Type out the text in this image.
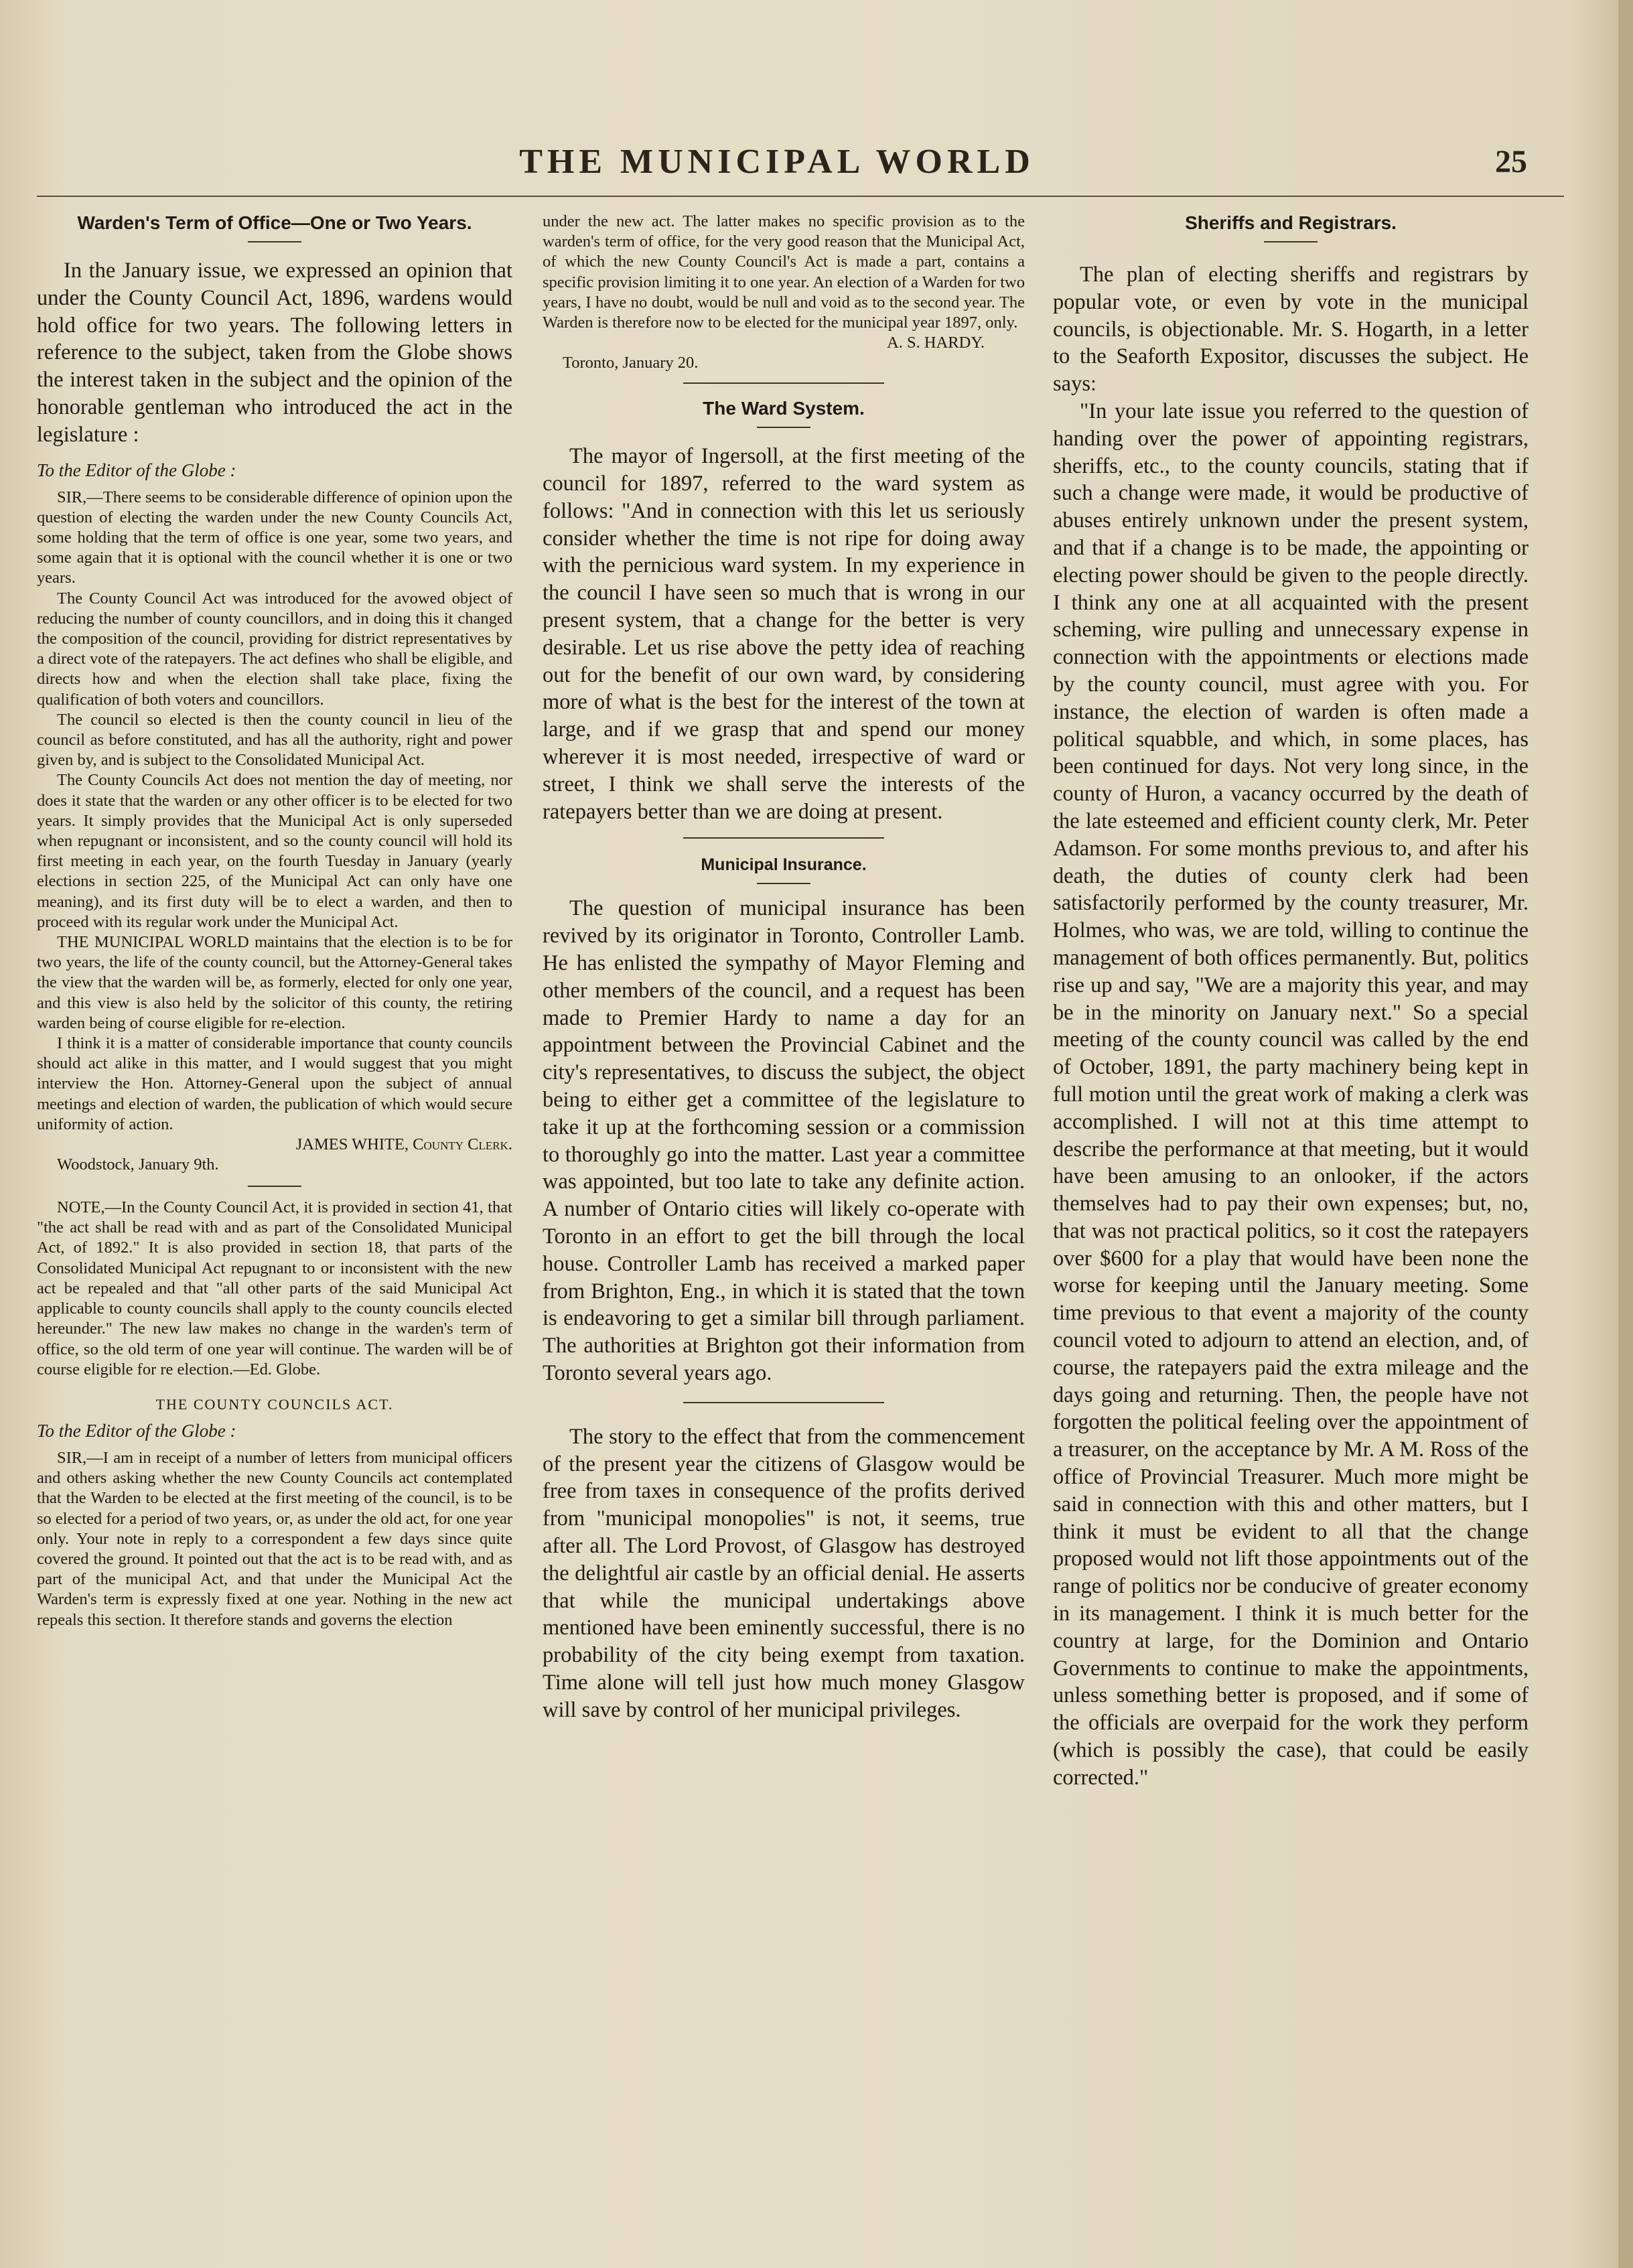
THE MUNICIPAL WORLD	25
Warden's Term of Office—One or Two Years.

In the January issue, we expressed an opinion that under the County Council Act, 1896, wardens would hold office for two years. The following letters in reference to the subject, taken from the Globe shows the interest taken in the subject and the opinion of the honorable gentleman who introduced the act in the legislature :

To the Editor of the Globe :

SIR,—There seems to be considerable difference of opinion upon the question of electing the warden under the new County Councils Act, some holding that the term of office is one year, some two years, and some again that it is optional with the council whether it is one or two years.

The County Council Act was introduced for the avowed object of reducing the number of county councillors, and in doing this it changed the composition of the council, providing for district representatives by a direct vote of the ratepayers. The act defines who shall be eligible, and directs how and when the election shall take place, fixing the qualification of both voters and councillors.

The council so elected is then the county council in lieu of the council as before constituted, and has all the authority, right and power given by, and is subject to the Consolidated Municipal Act.

The County Councils Act does not mention the day of meeting, nor does it state that the warden or any other officer is to be elected for two years. It simply provides that the Municipal Act is only superseded when repugnant or inconsistent, and so the county council will hold its first meeting in each year, on the fourth Tuesday in January (yearly elections in section 225, of the Municipal Act can only have one meaning), and its first duty will be to elect a warden, and then to proceed with its regular work under the Municipal Act.

THE MUNICIPAL WORLD maintains that the election is to be for two years, the life of the county council, but the Attorney-General takes the view that the warden will be, as formerly, elected for only one year, and this view is also held by the solicitor of this county, the retiring warden being of course eligible for re-election.

I think it is a matter of considerable importance that county councils should act alike in this matter, and I would suggest that you might interview the Hon. Attorney-General upon the subject of annual meetings and election of warden, the publication of which would secure uniformity of action.

JAMES WHITE, County Clerk.
Woodstock, January 9th.

NOTE,—In the County Council Act, it is provided in section 41, that "the act shall be read with and as part of the Consolidated Municipal Act, of 1892." It is also provided in section 18, that parts of the Consolidated Municipal Act repugnant to or inconsistent with the new act be repealed and that "all other parts of the said Municipal Act applicable to county councils shall apply to the county councils elected hereunder." The new law makes no change in the warden's term of office, so the old term of one year will continue. The warden will be of course eligible for re election.—Ed. Globe.

THE COUNTY COUNCILS ACT.
To the Editor of the Globe :

SIR,—I am in receipt of a number of letters from municipal officers and others asking whether the new County Councils act contemplated that the Warden to be elected at the first meeting of the council, is to be so elected for a period of two years, or, as under the old act, for one year only. Your note in reply to a correspondent a few days since quite covered the ground. It pointed out that the act is to be read with, and as part of the municipal Act, and that under the Municipal Act the Warden's term is expressly fixed at one year. Nothing in the new act repeals this section. It therefore stands and governs the election

under the new act. The latter makes no specific provision as to the warden's term of office, for the very good reason that the Municipal Act, of which the new County Council's Act is made a part, contains a specific provision limiting it to one year. An election of a Warden for two years, I have no doubt, would be null and void as to the second year. The Warden is therefore now to be elected for the municipal year 1897, only.

A. S. HARDY.
Toronto, January 20.
The Ward System.

The mayor of Ingersoll, at the first meeting of the council for 1897, referred to the ward system as follows: "And in connection with this let us seriously consider whether the time is not ripe for doing away with the pernicious ward system. In my experience in the council I have seen so much that is wrong in our present system, that a change for the better is very desirable. Let us rise above the petty idea of reaching out for the benefit of our own ward, by considering more of what is the best for the interest of the town at large, and if we grasp that and spend our money wherever it is most needed, irrespective of ward or street, I think we shall serve the interests of the ratepayers better than we are doing at present.

Municipal Insurance.

The question of municipal insurance has been revived by its originator in Toronto, Controller Lamb. He has enlisted the sympathy of Mayor Fleming and other members of the council, and a request has been made to Premier Hardy to name a day for an appointment between the Provincial Cabinet and the city's representatives, to discuss the subject, the object being to either get a committee of the legislature to take it up at the forthcoming session or a commission to thoroughly go into the matter. Last year a committee was appointed, but too late to take any definite action. A number of Ontario cities will likely co-operate with Toronto in an effort to get the bill through the local house. Controller Lamb has received a marked paper from Brighton, Eng., in which it is stated that the town is endeavoring to get a similar bill through parliament. The authorities at Brighton got their information from Toronto several years ago.

The story to the effect that from the commencement of the present year the citizens of Glasgow would be free from taxes in consequence of the profits derived from "municipal monopolies" is not, it seems, true after all. The Lord Provost, of Glasgow has destroyed the delightful air castle by an official denial. He asserts that while the municipal undertakings above mentioned have been eminently successful, there is no probability of the city being exempt from taxation. Time alone will tell just how much money Glasgow will save by control of her municipal privileges.

Sheriffs and Registrars.

The plan of electing sheriffs and registrars by popular vote, or even by vote in the municipal councils, is objectionable. Mr. S. Hogarth, in a letter to the Seaforth Expositor, discusses the subject. He says:

"In your late issue you referred to the question of handing over the power of appointing registrars, sheriffs, etc., to the county councils, stating that if such a change were made, it would be productive of abuses entirely unknown under the present system, and that if a change is to be made, the appointing or electing power should be given to the people directly. I think any one at all acquainted with the present scheming, wire pulling and unnecessary expense in connection with the appointments or elections made by the county council, must agree with you. For instance, the election of warden is often made a political squabble, and which, in some places, has been continued for days. Not very long since, in the county of Huron, a vacancy occurred by the death of the late esteemed and efficient county clerk, Mr. Peter Adamson. For some months previous to, and after his death, the duties of county clerk had been satisfactorily performed by the county treasurer, Mr. Holmes, who was, we are told, willing to continue the management of both offices permanently. But, politics rise up and say, "We are a majority this year, and may be in the minority on January next." So a special meeting of the county council was called by the end of October, 1891, the party machinery being kept in full motion until the great work of making a clerk was accomplished. I will not at this time attempt to describe the performance at that meeting, but it would have been amusing to an onlooker, if the actors themselves had to pay their own expenses; but, no, that was not practical politics, so it cost the ratepayers over $600 for a play that would have been none the worse for keeping until the January meeting. Some time previous to that event a majority of the county council voted to adjourn to attend an election, and, of course, the ratepayers paid the extra mileage and the days going and returning. Then, the people have not forgotten the political feeling over the appointment of a treasurer, on the acceptance by Mr. A M. Ross of the office of Provincial Treasurer. Much more might be said in connection with this and other matters, but I think it must be evident to all that the change proposed would not lift those appointments out of the range of politics nor be conducive of greater economy in its management. I think it is much better for the country at large, for the Dominion and Ontario Governments to continue to make the appointments, unless something better is proposed, and if some of the officials are overpaid for the work they perform (which is possibly the case), that could be easily corrected."
